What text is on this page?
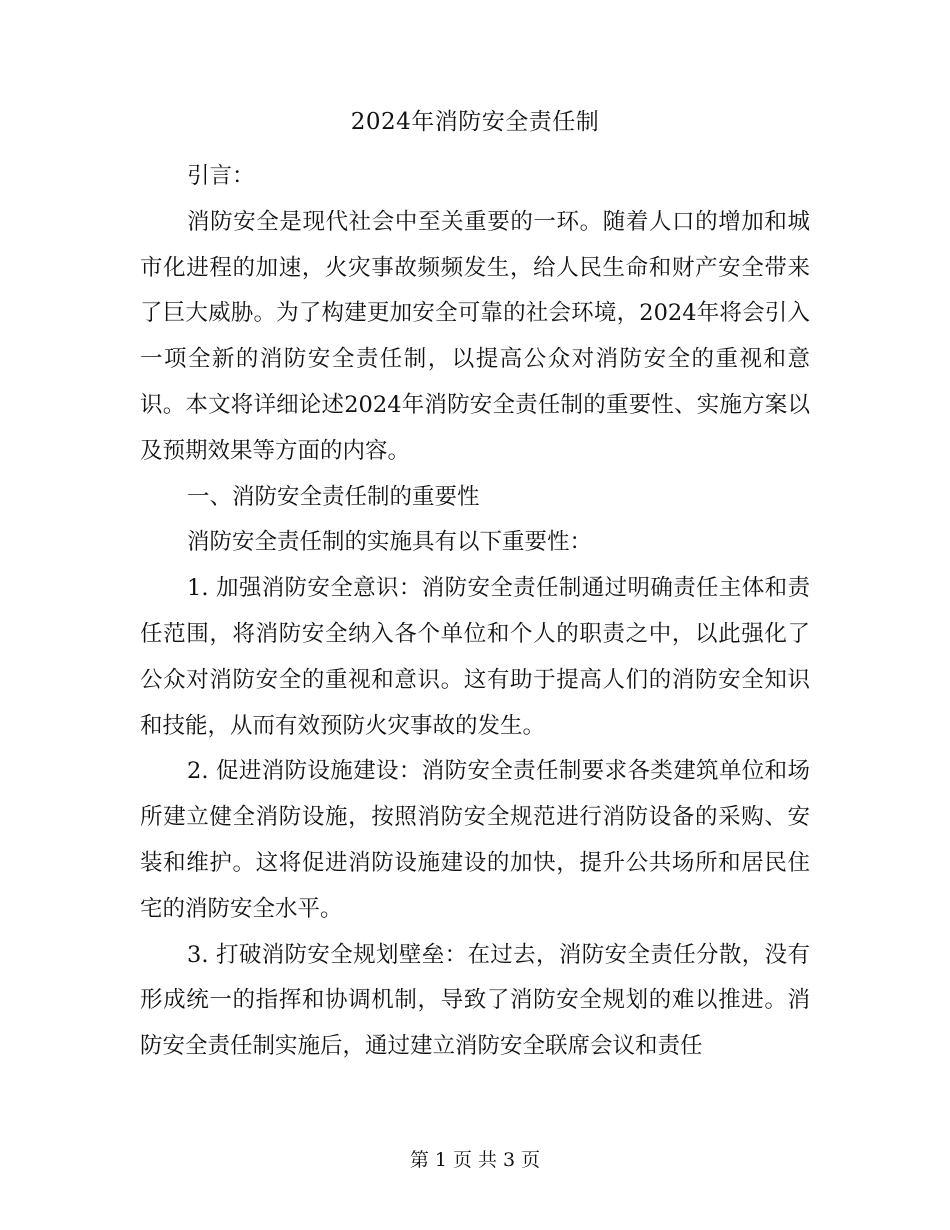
2024年消防安全责任制

引言：

消防安全是现代社会中至关重要的一环。随着人口的增加和城市化进程的加速，火灾事故频频发生，给人民生命和财产安全带来了巨大威胁。为了构建更加安全可靠的社会环境，2024年将会引入一项全新的消防安全责任制，以提高公众对消防安全的重视和意识。本文将详细论述2024年消防安全责任制的重要性、实施方案以及预期效果等方面的内容。

一、消防安全责任制的重要性

消防安全责任制的实施具有以下重要性：

1. 加强消防安全意识：消防安全责任制通过明确责任主体和责任范围，将消防安全纳入各个单位和个人的职责之中，以此强化了公众对消防安全的重视和意识。这有助于提高人们的消防安全知识和技能，从而有效预防火灾事故的发生。

2. 促进消防设施建设：消防安全责任制要求各类建筑单位和场所建立健全消防设施，按照消防安全规范进行消防设备的采购、安装和维护。这将促进消防设施建设的加快，提升公共场所和居民住宅的消防安全水平。

3. 打破消防安全规划壁垒：在过去，消防安全责任分散，没有形成统一的指挥和协调机制，导致了消防安全规划的难以推进。消防安全责任制实施后，通过建立消防安全联席会议和责任

第 1 页 共 3 页
